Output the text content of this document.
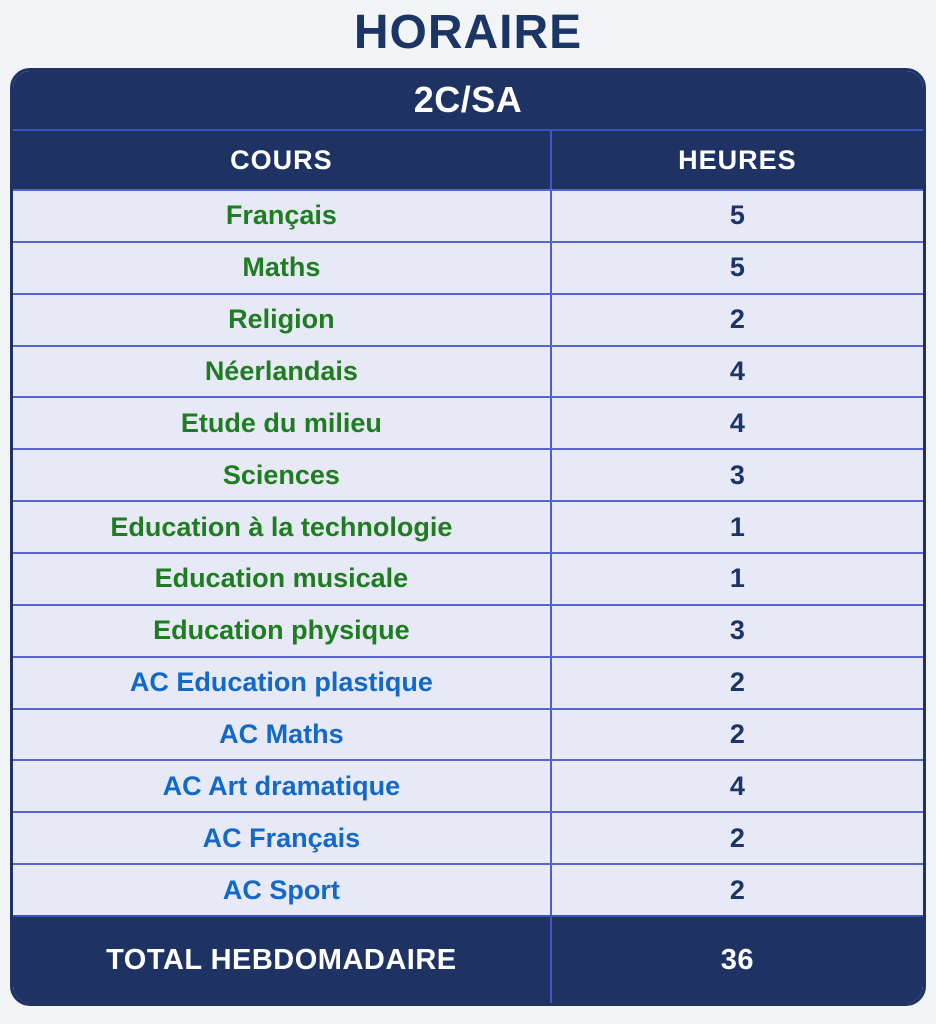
HORAIRE
2C/SA
COURS	HEURES
Français	5
Maths	5
Religion	2
Néerlandais	4
Etude du milieu	4
Sciences	3
Education à la technologie	1
Education musicale	1
Education physique	3
AC Education plastique	2
AC Maths	2
AC Art dramatique	4
AC Français	2
AC Sport	2
TOTAL HEBDOMADAIRE	36
